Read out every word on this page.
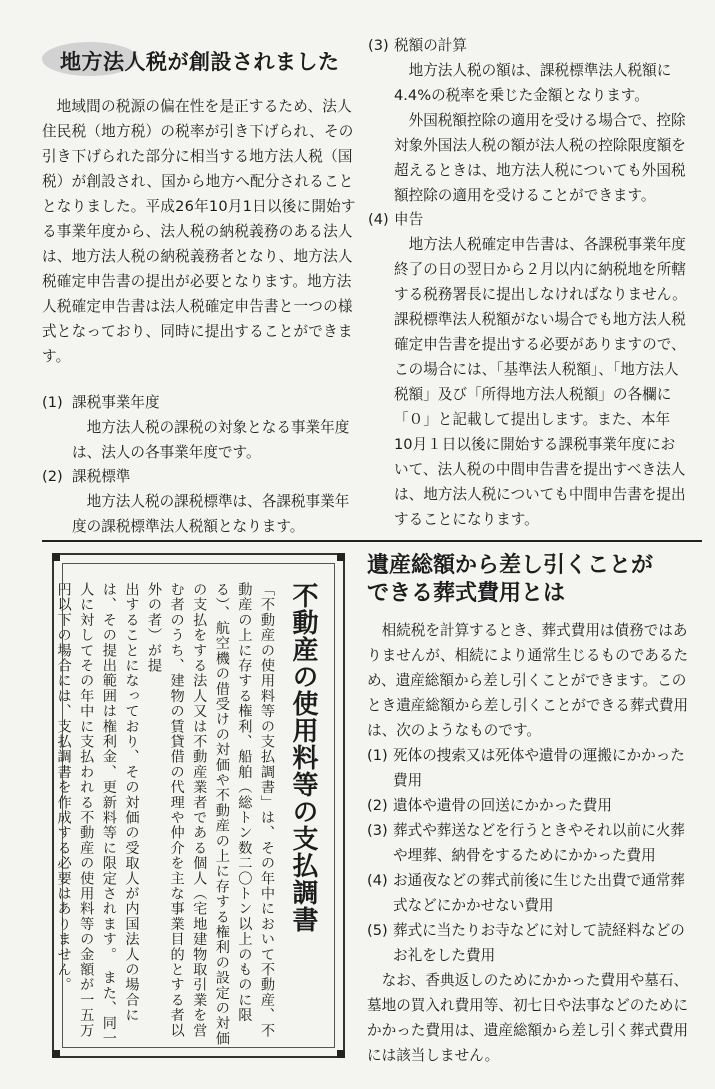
地方法人税が創設されました

地域間の税源の偏在性を是正するため、法人住民税（地方税）の税率が引き下げられ、その引き下げられた部分に相当する地方法人税（国税）が創設され、国から地方へ配分されることとなりました。平成26年10月1日以後に開始する事業年度から、法人税の納税義務のある法人は、地方法人税の納税義務者となり、地方法人税確定申告書の提出が必要となります。地方法人税確定申告書は法人税確定申告書と一つの様式となっており、同時に提出することができます。

(1) 課税事業年度

地方法人税の課税の対象となる事業年度は、法人の各事業年度です。

(2) 課税標準

地方法人税の課税標準は、各課税事業年度の課税標準法人税額となります。

(3) 税額の計算

地方法人税の額は、課税標準法人税額に4.4%の税率を乗じた金額となります。

外国税額控除の適用を受ける場合で、控除対象外国法人税の額が法人税の控除限度額を超えるときは、地方法人税についても外国税額控除の適用を受けることができます。

(4) 申告

地方法人税確定申告書は、各課税事業年度終了の日の翌日から２月以内に納税地を所轄する税務署長に提出しなければなりません。課税標準法人税額がない場合でも地方法人税確定申告書を提出する必要がありますので、この場合には、「基準法人税額」、「地方法人税額」及び「所得地方法人税額」の各欄に「０」と記載して提出します。また、本年10月１日以後に開始する課税事業年度において、法人税の中間申告書を提出すべき法人は、地方法人税についても中間申告書を提出することになります。

不動産の使用料等の支払調書

「不動産の使用料等の支払調書」は、その年中において不動産、不動産の上に存する権利、船舶（総トン数二〇トン以上のものに限る）、航空機の借受けの対価や不動産の上に存する権利の設定の対価の支払をする法人又は不動産業者である個人（宅地建物取引業を営む者のうち、建物の賃貸借の代理や仲介を主な事業目的とする者以外の者）が提

出することになっており、その対価の受取人が内国法人の場合には、その提出範囲は権利金、更新料等に限定されます。　また、同一人に対してその年中に支払われる不動産の使用料等の金額が一五万円以下の場合には、支払調書を作成する必要はありません。

遺産総額から差し引くことが
できる葬式費用とは

相続税を計算するとき、葬式費用は債務ではありませんが、相続により通常生じるものであるため、遺産総額から差し引くことができます。このとき遺産総額から差し引くことができる葬式費用は、次のようなものです。

(1) 死体の捜索又は死体や遺骨の運搬にかかった費用
(2) 遺体や遺骨の回送にかかった費用
(3) 葬式や葬送などを行うときやそれ以前に火葬や埋葬、納骨をするためにかかった費用
(4) お通夜などの葬式前後に生じた出費で通常葬式などにかかせない費用
(5) 葬式に当たりお寺などに対して読経料などのお礼をした費用

なお、香典返しのためにかかった費用や墓石、墓地の買入れ費用等、初七日や法事などのためにかかった費用は、遺産総額から差し引く葬式費用には該当しません。
